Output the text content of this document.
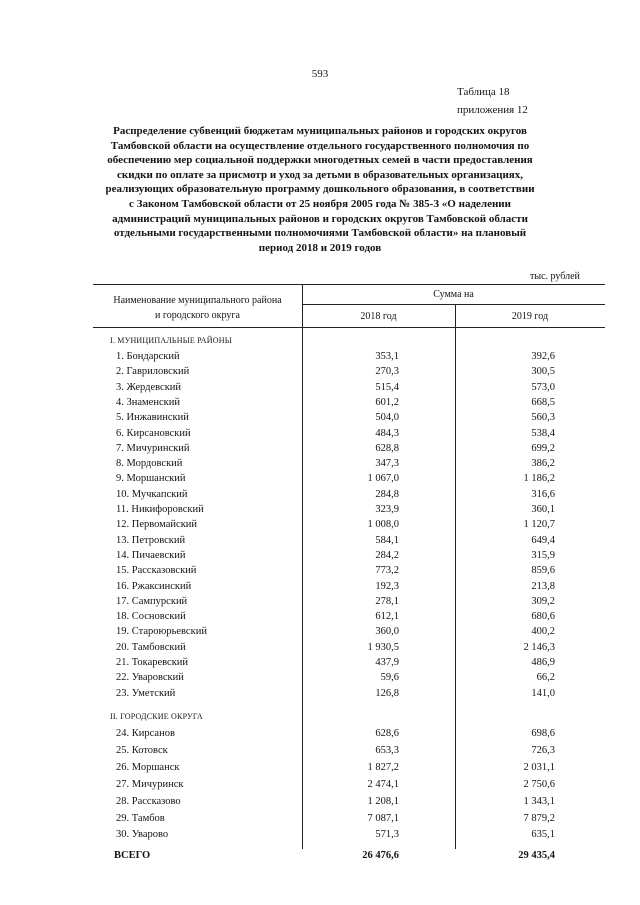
593
Таблица 18
приложения 12
Распределение субвенций бюджетам муниципальных районов и городских округов
Тамбовской области на осуществление отдельного государственного полномочия по
обеспечению мер социальной поддержки многодетных семей в части предоставления
скидки по оплате за присмотр и уход за детьми в образовательных организациях,
реализующих образовательную программу дошкольного образования, в соответствии
с Законом Тамбовской области от 25 ноября 2005 года № 385-З «О наделении
администраций муниципальных районов и городских округов Тамбовской области
отдельными государственными полномочиями Тамбовской области» на плановый
период 2018 и 2019 годов
тыс. рублей
Наименование муниципального района
и городского округа
Сумма на
2018 год	2019 год
I. МУНИЦИПАЛЬНЫЕ РАЙОНЫ
1. Бондарский	353,1	392,6
2. Гавриловский	270,3	300,5
3. Жердевский	515,4	573,0
4. Знаменский	601,2	668,5
5. Инжавинский	504,0	560,3
6. Кирсановский	484,3	538,4
7. Мичуринский	628,8	699,2
8. Мордовский	347,3	386,2
9. Моршанский	1 067,0	1 186,2
10. Мучкапский	284,8	316,6
11. Никифоровский	323,9	360,1
12. Первомайский	1 008,0	1 120,7
13. Петровский	584,1	649,4
14. Пичаевский	284,2	315,9
15. Рассказовский	773,2	859,6
16. Ржаксинский	192,3	213,8
17. Сампурский	278,1	309,2
18. Сосновский	612,1	680,6
19. Староюрьевский	360,0	400,2
20. Тамбовский	1 930,5	2 146,3
21. Токаревский	437,9	486,9
22. Уваровский	59,6	66,2
23. Уметский	126,8	141,0
II. ГОРОДСКИЕ ОКРУГА
24. Кирсанов	628,6	698,6
25. Котовск	653,3	726,3
26. Моршанск	1 827,2	2 031,1
27. Мичуринск	2 474,1	2 750,6
28. Рассказово	1 208,1	1 343,1
29. Тамбов	7 087,1	7 879,2
30. Уварово	571,3	635,1
ВСЕГО	26 476,6	29 435,4
